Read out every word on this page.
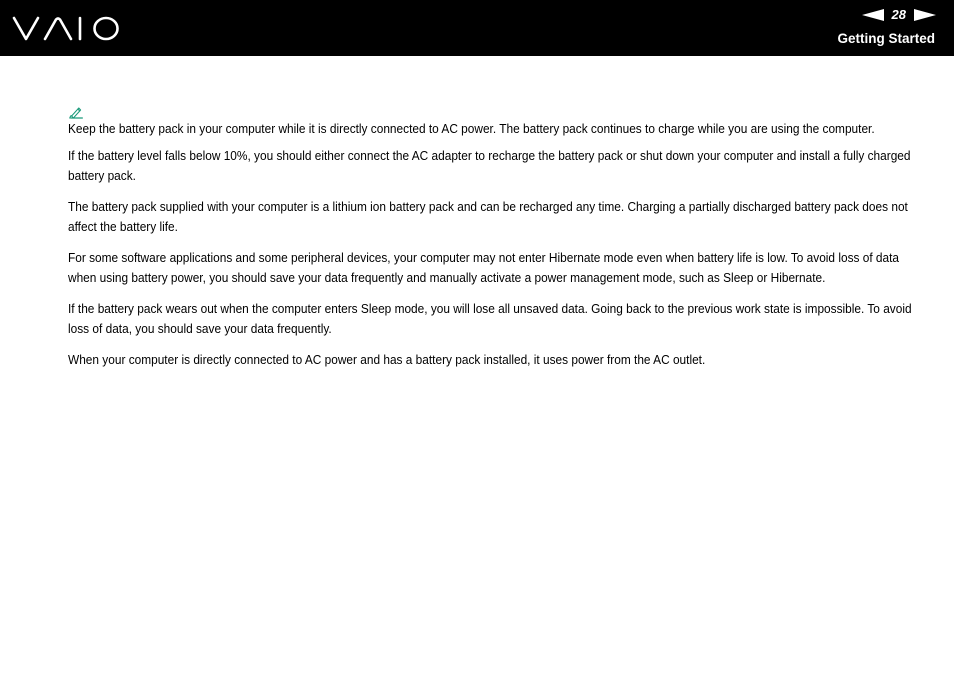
28
Getting Started

Keep the battery pack in your computer while it is directly connected to AC power. The battery pack continues to charge while you are using the computer.

If the battery level falls below 10%, you should either connect the AC adapter to recharge the battery pack or shut down your computer and install a fully charged battery pack.

The battery pack supplied with your computer is a lithium ion battery pack and can be recharged any time. Charging a partially discharged battery pack does not affect the battery life.

For some software applications and some peripheral devices, your computer may not enter Hibernate mode even when battery life is low. To avoid loss of data when using battery power, you should save your data frequently and manually activate a power management mode, such as Sleep or Hibernate.

If the battery pack wears out when the computer enters Sleep mode, you will lose all unsaved data. Going back to the previous work state is impossible. To avoid loss of data, you should save your data frequently.

When your computer is directly connected to AC power and has a battery pack installed, it uses power from the AC outlet.
